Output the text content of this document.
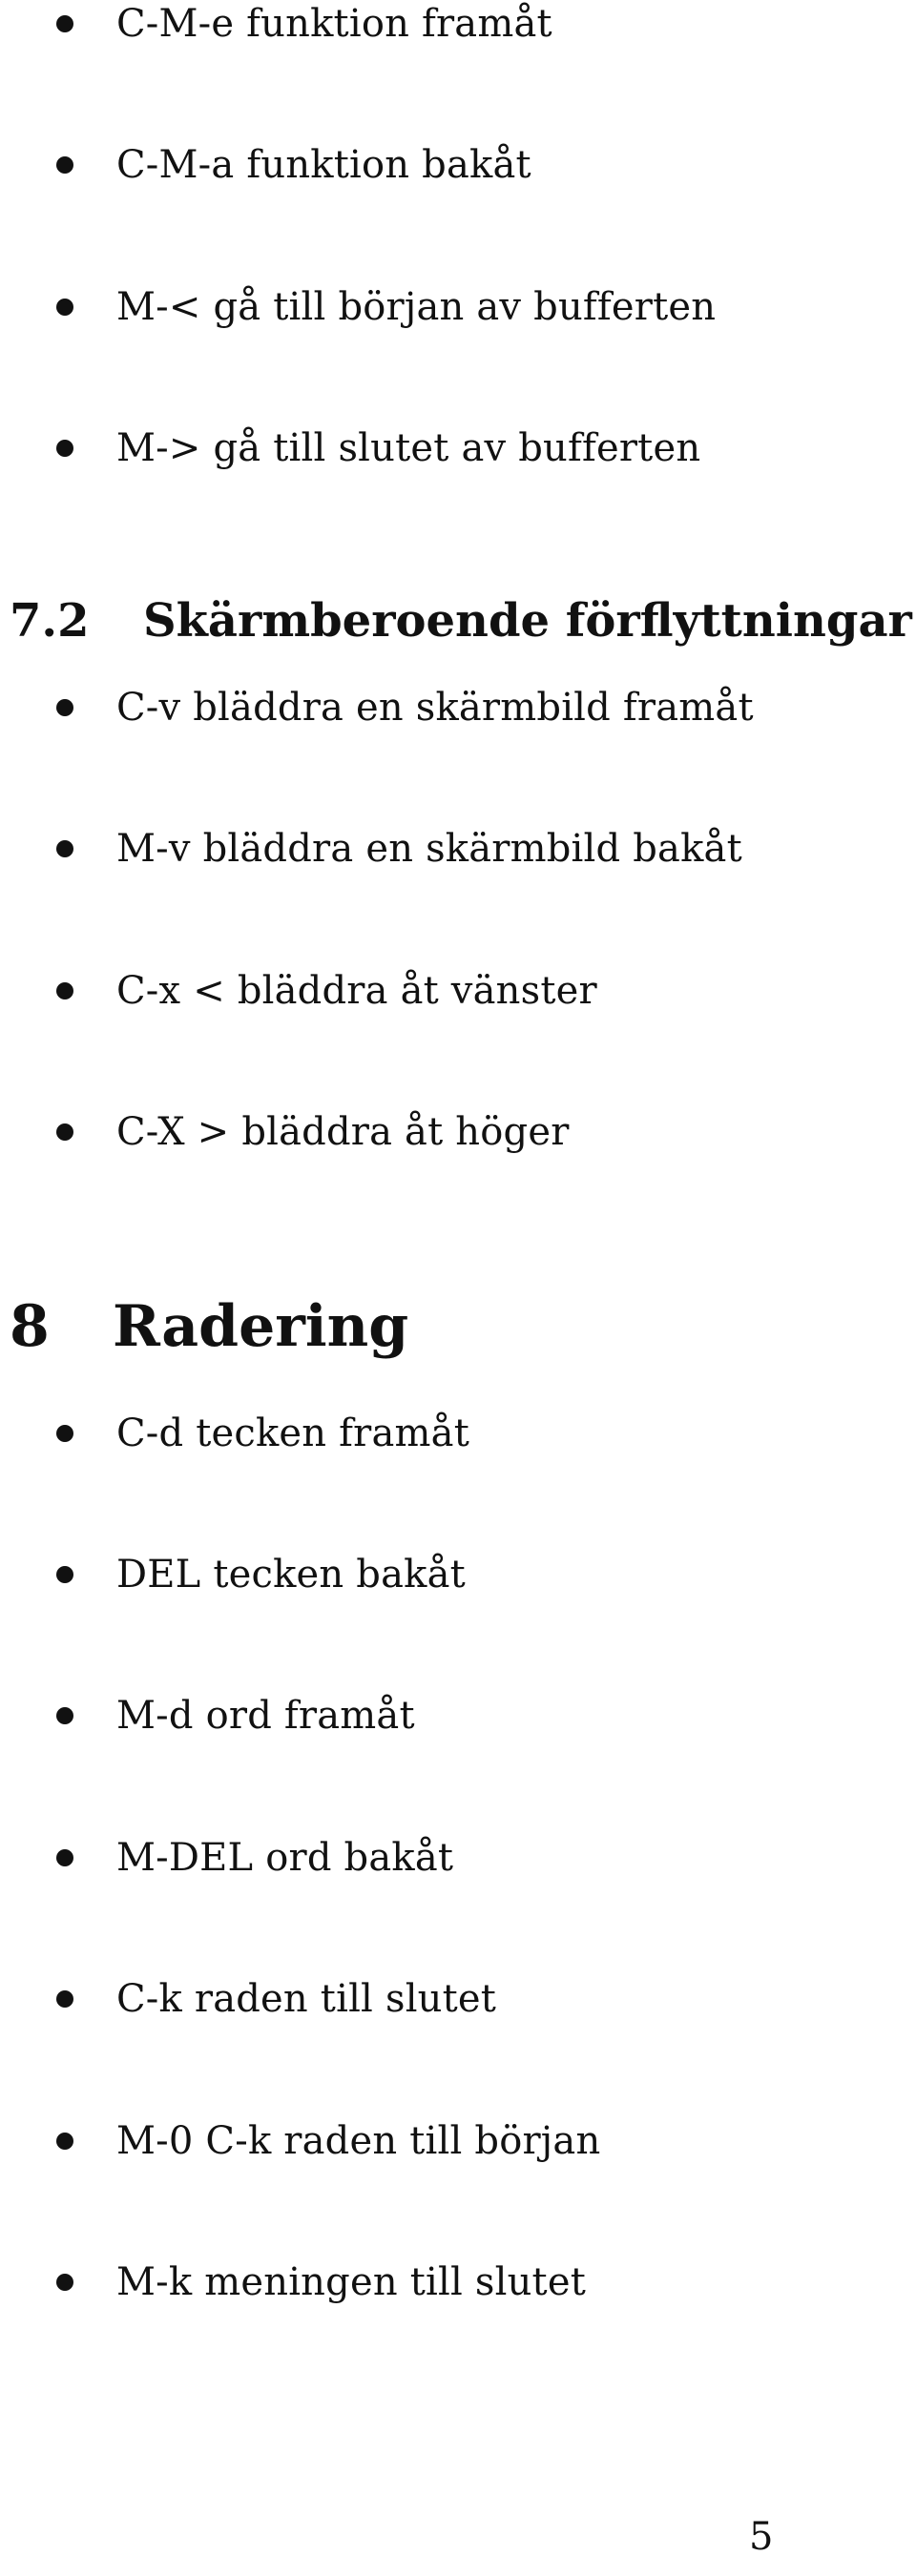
C-M-e funktion framåt
C-M-a funktion bakåt
M-< gå till början av bufferten
M-> gå till slutet av bufferten
7.2 Skärmberoende förflyttningar
C-v bläddra en skärmbild framåt
M-v bläddra en skärmbild bakåt
C-x < bläddra åt vänster
C-X > bläddra åt höger
8 Radering
C-d tecken framåt
DEL tecken bakåt
M-d ord framåt
M-DEL ord bakåt
C-k raden till slutet
M-0 C-k raden till början
M-k meningen till slutet
5
